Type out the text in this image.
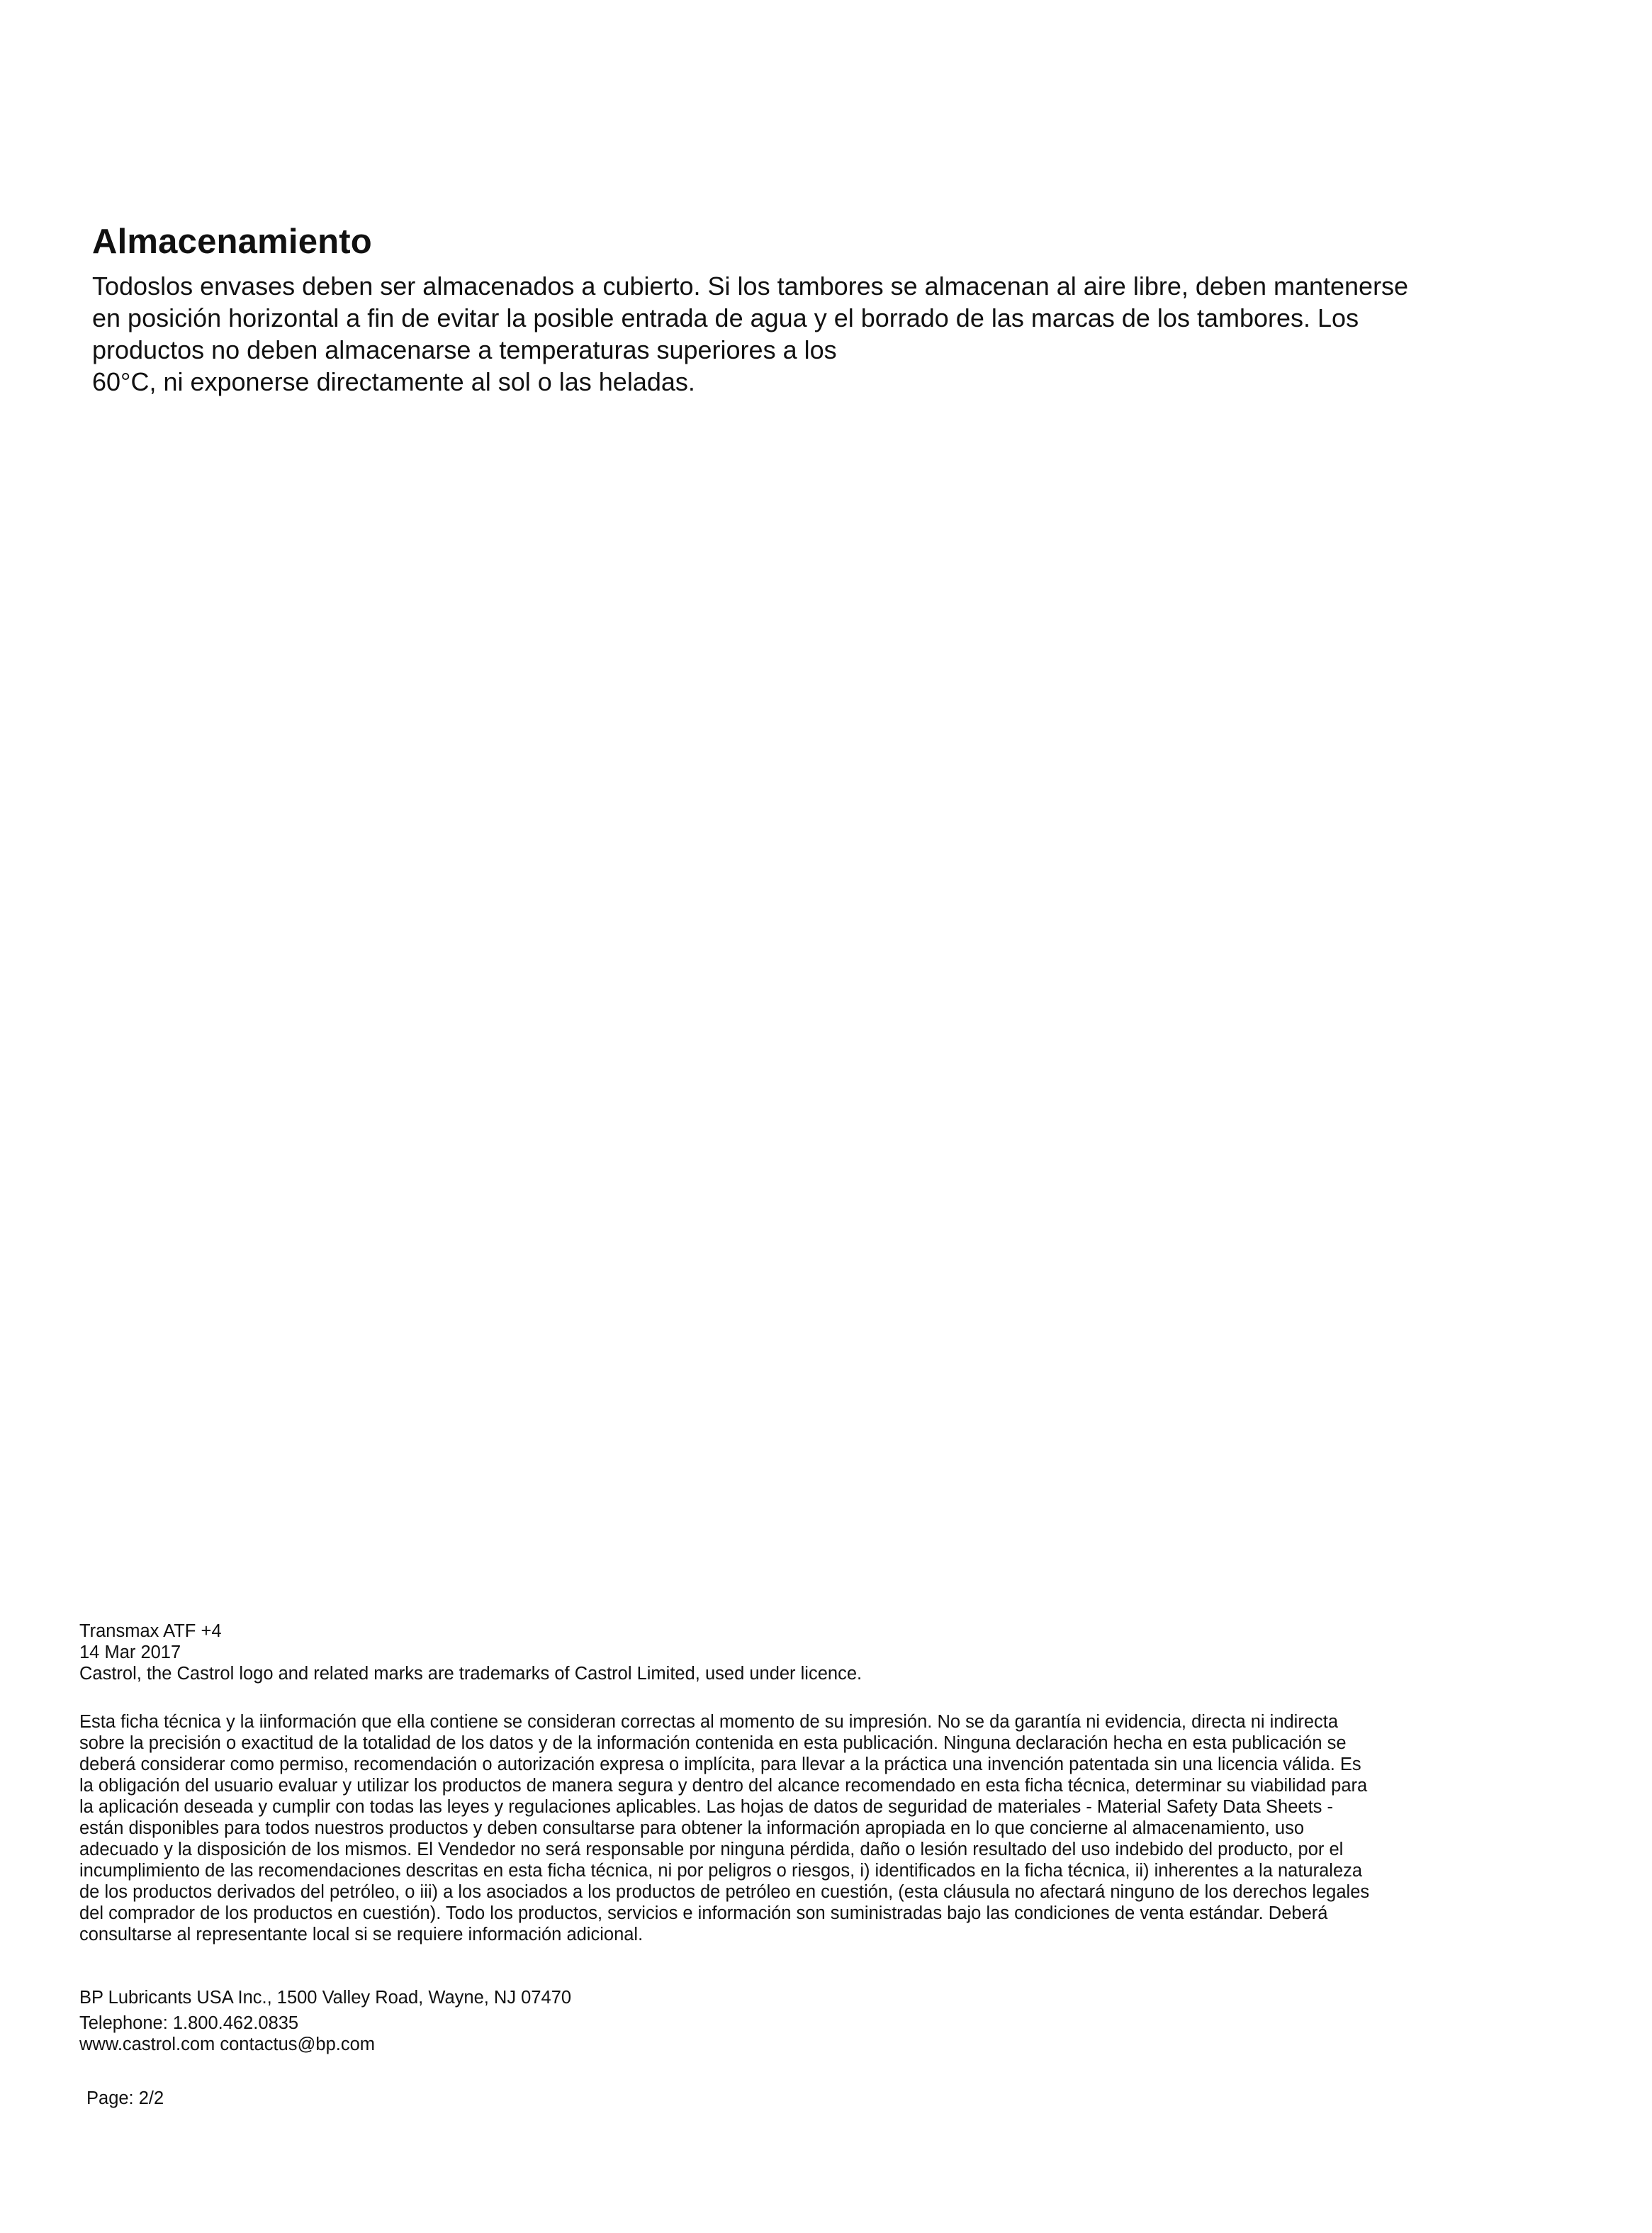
Almacenamiento

Todoslos envases deben ser almacenados a cubierto. Si los tambores se almacenan al aire libre, deben mantenerse
en posición horizontal a fin de evitar la posible entrada de agua y el borrado de las marcas de los tambores. Los
productos no deben almacenarse a temperaturas superiores a los
60°C, ni exponerse directamente al sol o las heladas.

Transmax ATF +4
14 Mar 2017
Castrol, the Castrol logo and related marks are trademarks of Castrol Limited, used under licence.
Esta ficha técnica y la iinformación que ella contiene se consideran correctas al momento de su impresión. No se da garantía ni evidencia, directa ni indirecta
sobre la precisión o exactitud de la totalidad de los datos y de la información contenida en esta publicación. Ninguna declaración hecha en esta publicación se
deberá considerar como permiso, recomendación o autorización expresa o implícita, para llevar a la práctica una invención patentada sin una licencia válida. Es
la obligación del usuario evaluar y utilizar los productos de manera segura y dentro del alcance recomendado en esta ficha técnica, determinar su viabilidad para
la aplicación deseada y cumplir con todas las leyes y regulaciones aplicables. Las hojas de datos de seguridad de materiales - Material Safety Data Sheets -
están disponibles para todos nuestros productos y deben consultarse para obtener la información apropiada en lo que concierne al almacenamiento, uso
adecuado y la disposición de los mismos. El Vendedor no será responsable por ninguna pérdida, daño o lesión resultado del uso indebido del producto, por el
incumplimiento de las recomendaciones descritas en esta ficha técnica, ni por peligros o riesgos, i) identificados en la ficha técnica, ii) inherentes a la naturaleza
de los productos derivados del petróleo, o iii) a los asociados a los productos de petróleo en cuestión, (esta cláusula no afectará ninguno de los derechos legales
del comprador de los productos en cuestión). Todo los productos, servicios e información son suministradas bajo las condiciones de venta estándar. Deberá
consultarse al representante local si se requiere información adicional.
BP Lubricants USA Inc., 1500 Valley Road, Wayne, NJ 07470
Telephone: 1.800.462.0835
www.castrol.com contactus@bp.com
Page: 2/2
